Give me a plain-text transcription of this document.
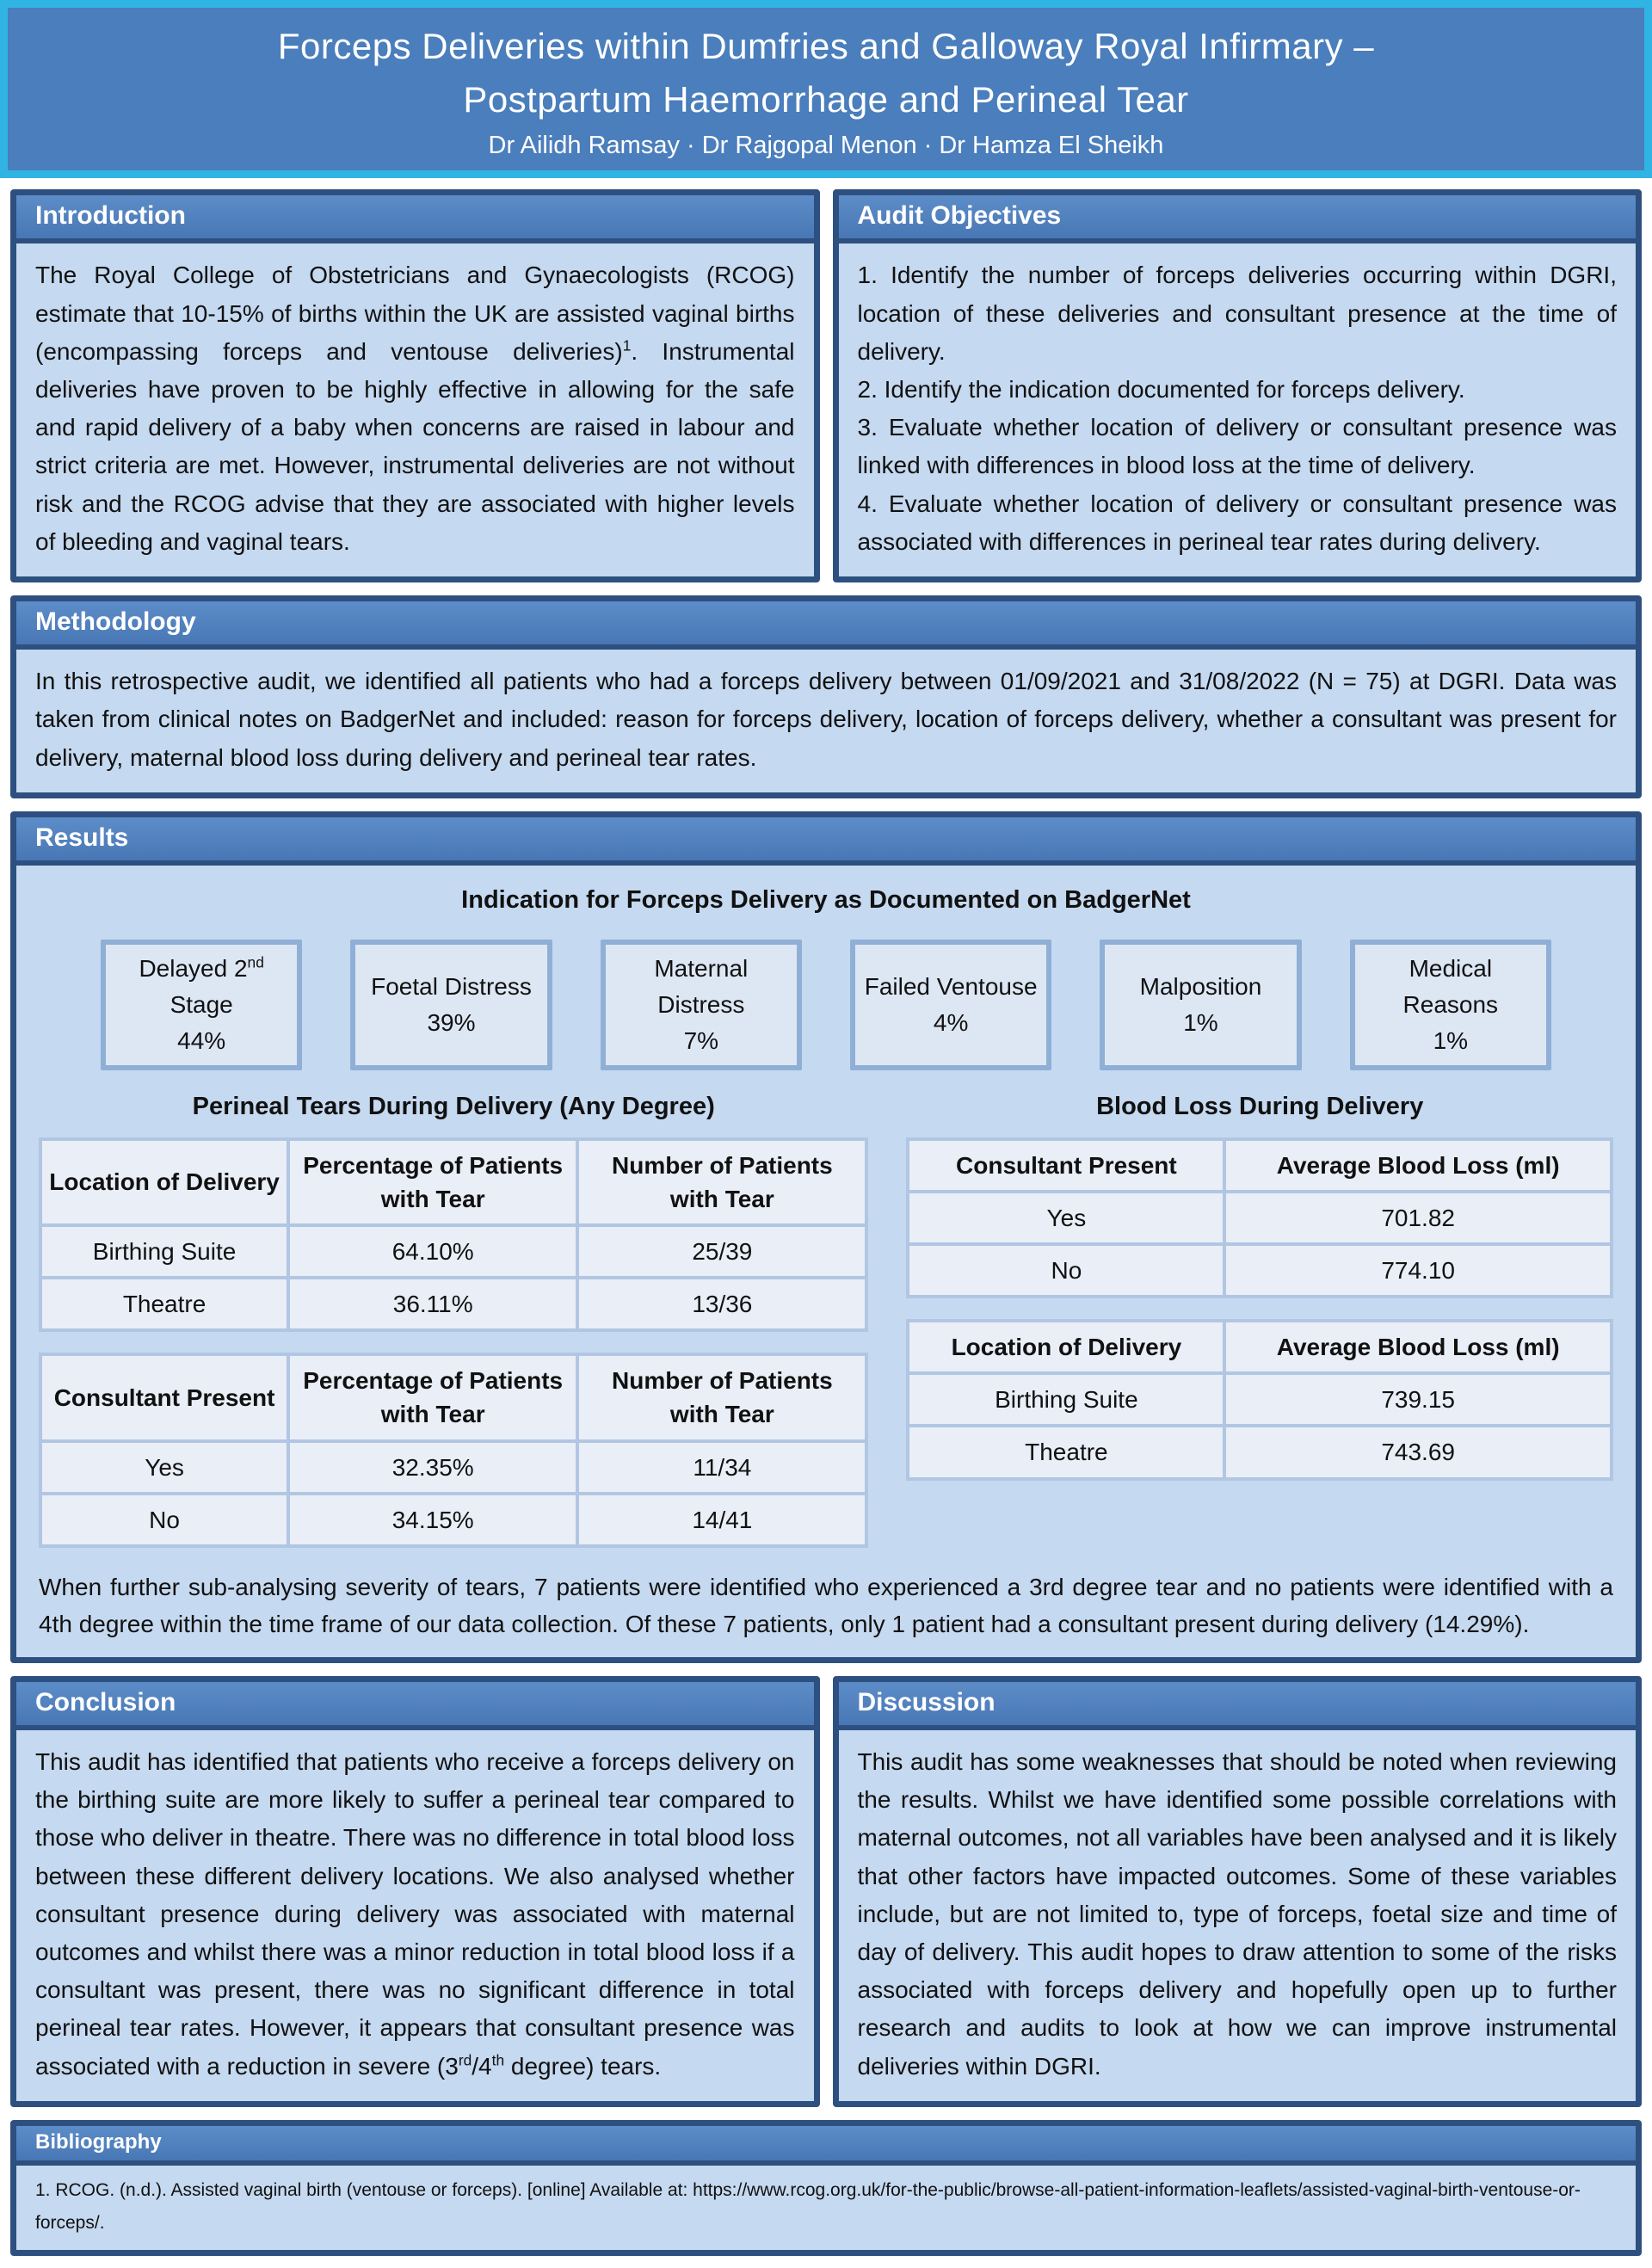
Forceps Deliveries within Dumfries and Galloway Royal Infirmary –
Postpartum Haemorrhage and Perineal Tear
Dr Ailidh Ramsay · Dr Rajgopal Menon · Dr Hamza El Sheikh
Introduction

The Royal College of Obstetricians and Gynaecologists (RCOG) estimate that 10-15% of births within the UK are assisted vaginal births (encompassing forceps and ventouse deliveries)$^1$. Instrumental deliveries have proven to be highly effective in allowing for the safe and rapid delivery of a baby when concerns are raised in labour and strict criteria are met. However, instrumental deliveries are not without risk and the RCOG advise that they are associated with higher levels of bleeding and vaginal tears.

Audit Objectives

1. Identify the number of forceps deliveries occurring within DGRI, location of these deliveries and consultant presence at the time of delivery.

2. Identify the indication documented for forceps delivery.

3. Evaluate whether location of delivery or consultant presence was linked with differences in blood loss at the time of delivery.

4. Evaluate whether location of delivery or consultant presence was associated with differences in perineal tear rates during delivery.

Methodology

In this retrospective audit, we identified all patients who had a forceps delivery between 01/09/2021 and 31/08/2022 (N = 75) at DGRI. Data was taken from clinical notes on BadgerNet and included: reason for forceps delivery, location of forceps delivery, whether a consultant was present for delivery, maternal blood loss during delivery and perineal tear rates.

Results
Indication for Forceps Delivery as Documented on BadgerNet
Delayed 2nd Stage
44%
Foetal Distress
39%
Maternal Distress
7%
Failed Ventouse
4%
Malposition
1%
Medical Reasons
1%
Perineal Tears During Delivery (Any Degree)
Location of Delivery	Percentage of Patients with Tear	Number of Patients with Tear
Birthing Suite	64.10%	25/39
Theatre	36.11%	13/36
Consultant Present	Percentage of Patients with Tear	Number of Patients with Tear
Yes	32.35%	11/34
No	34.15%	14/41
Blood Loss During Delivery
Consultant Present	Average Blood Loss (ml)
Yes	701.82
No	774.10
Location of Delivery	Average Blood Loss (ml)
Birthing Suite	739.15
Theatre	743.69

When further sub-analysing severity of tears, 7 patients were identified who experienced a 3rd degree tear and no patients were identified with a 4th degree within the time frame of our data collection. Of these 7 patients, only 1 patient had a consultant present during delivery (14.29%).

Conclusion

This audit has identified that patients who receive a forceps delivery on the birthing suite are more likely to suffer a perineal tear compared to those who deliver in theatre. There was no difference in total blood loss between these different delivery locations. We also analysed whether consultant presence during delivery was associated with maternal outcomes and whilst there was a minor reduction in total blood loss if a consultant was present, there was no significant difference in total perineal tear rates. However, it appears that consultant presence was associated with a reduction in severe (3rd/4th degree) tears.

Discussion

This audit has some weaknesses that should be noted when reviewing the results. Whilst we have identified some possible correlations with maternal outcomes, not all variables have been analysed and it is likely that other factors have impacted outcomes. Some of these variables include, but are not limited to, type of forceps, foetal size and time of day of delivery. This audit hopes to draw attention to some of the risks associated with forceps delivery and hopefully open up to further research and audits to look at how we can improve instrumental deliveries within DGRI.

Bibliography

1. RCOG. (n.d.). Assisted vaginal birth (ventouse or forceps). [online] Available at: https://www.rcog.org.uk/for-the-public/browse-all-patient-information-leaflets/assisted-vaginal-birth-ventouse-or-forceps/.
